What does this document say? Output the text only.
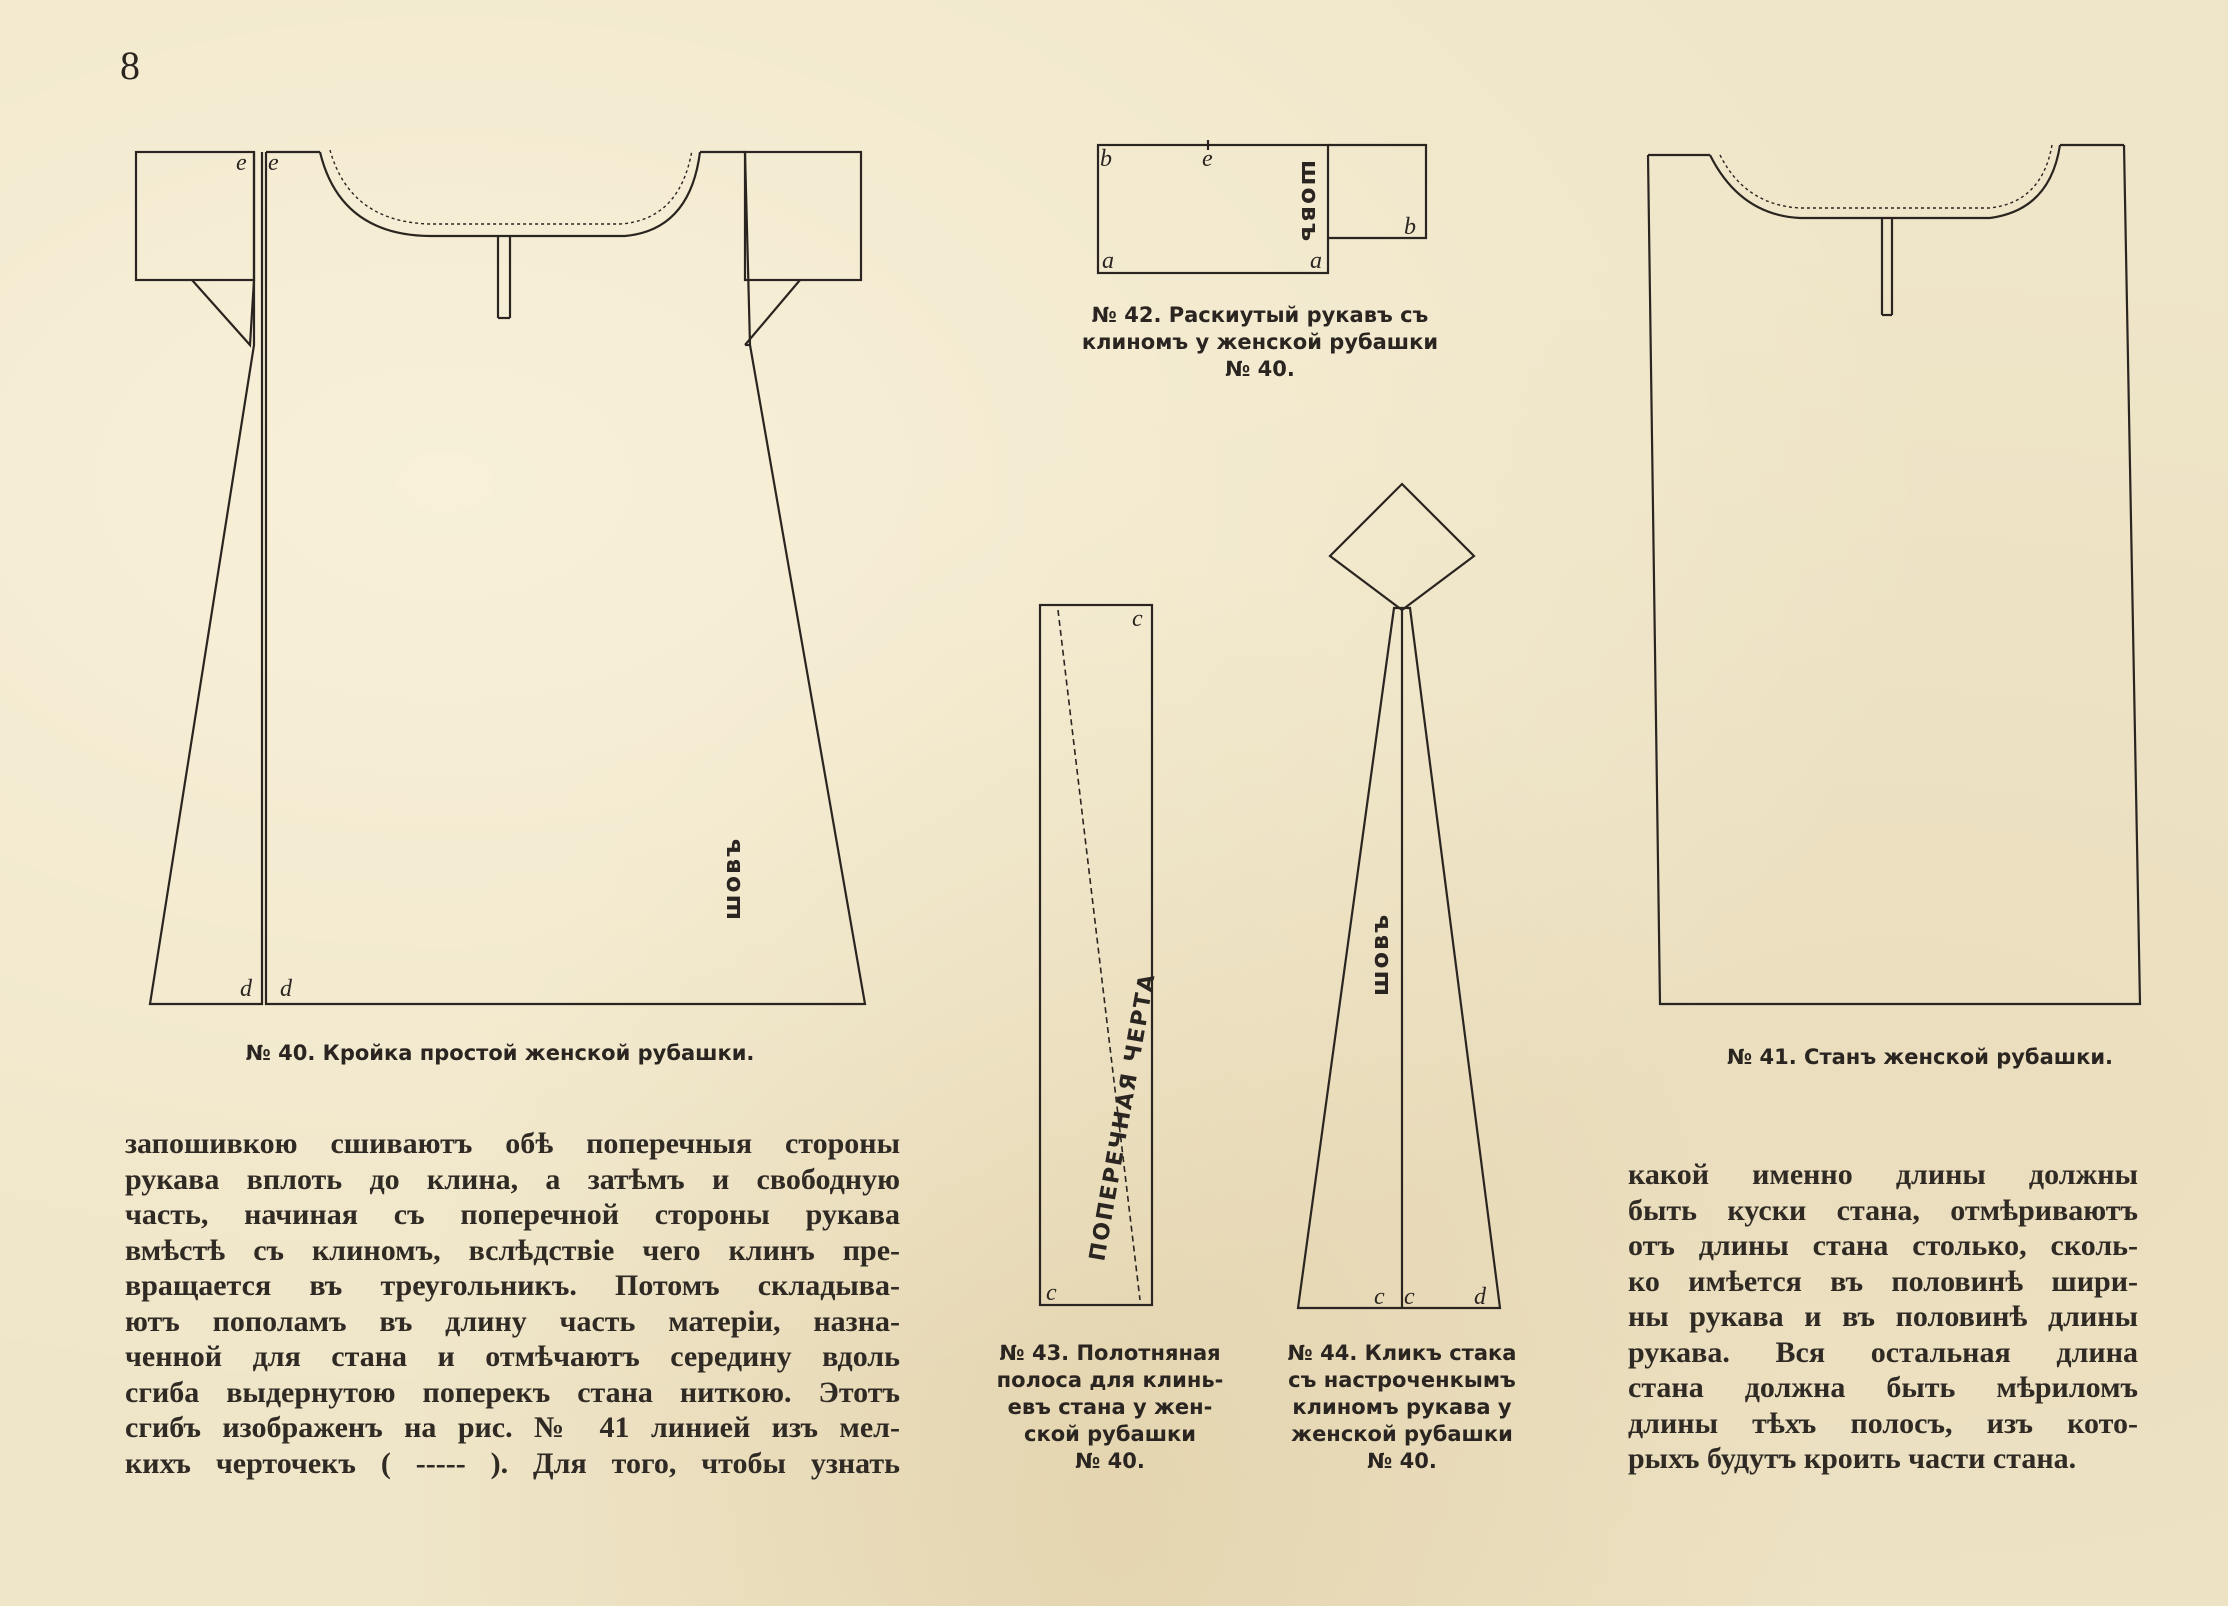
8
e e
d d
шовъ
b	e
b
a	a
шовъ
c
c
ПОПЕРЕЧНАЯ ЧЕРТА
c c d
шовъ
№ 40. Кройка простой женской рубашки.	№ 41. Станъ женской рубашки.
№ 42. Раскиутый рукавъ съ
клиномъ у женской рубашки
№ 40.
№ 43. Полотняная
полоса для клинь-
евъ стана у жен-
ской рубашки
№ 40.
№ 44. Кликъ стака
съ настроченкымъ
клиномъ рукава у
женской рубашки
№ 40.
запошивкою сшиваютъ обѣ поперечныя стороны
рукава вплоть до клина, а затѣмъ и свободную
часть, начиная съ поперечной стороны рукава
вмѣстѣ съ клиномъ, вслѣдствіе чего клинъ пре-
вращается въ треугольникъ. Потомъ складыва-
ютъ пополамъ въ длину часть матеріи, назна-
ченной для стана и отмѣчаютъ середину вдоль
сгиба выдернутою поперекъ стана ниткою. Этотъ
сгибъ изображенъ на рис. № 41 линией изъ мел-
кихъ черточекъ ( ----- ). Для того, чтобы узнать
какой именно длины должны
быть куски стана, отмѣриваютъ
отъ длины стана столько, сколь-
ко имѣется въ половинѣ шири-
ны рукава и въ половинѣ длины
рукава. Вся остальная длина
стана должна быть мѣриломъ
длины тѣхъ полосъ, изъ кото-
рыхъ будутъ кроить части стана.
